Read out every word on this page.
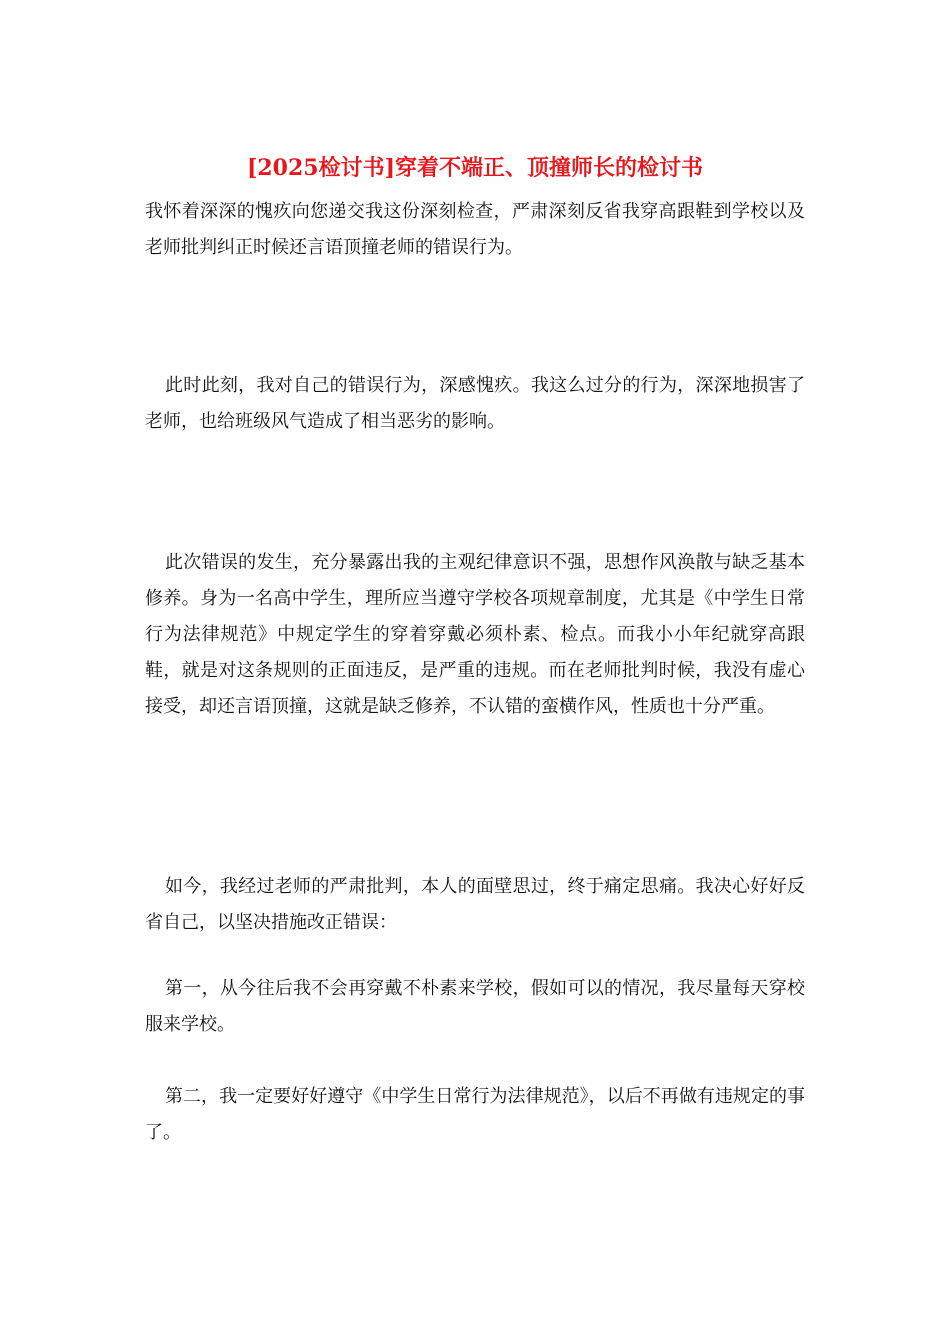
[2025检讨书]穿着不端正、顶撞师长的检讨书

我怀着深深的愧疚向您递交我这份深刻检查，严肃深刻反省我穿高跟鞋到学校以及老师批判纠正时候还言语顶撞老师的错误行为。

此时此刻，我对自己的错误行为，深感愧疚。我这么过分的行为，深深地损害了老师，也给班级风气造成了相当恶劣的影响。

此次错误的发生，充分暴露出我的主观纪律意识不强，思想作风涣散与缺乏基本修养。身为一名高中学生，理所应当遵守学校各项规章制度，尤其是《中学生日常行为法律规范》中规定学生的穿着穿戴必须朴素、检点。而我小小年纪就穿高跟鞋，就是对这条规则的正面违反，是严重的违规。而在老师批判时候，我没有虚心接受，却还言语顶撞，这就是缺乏修养，不认错的蛮横作风，性质也十分严重。

如今，我经过老师的严肃批判，本人的面壁思过，终于痛定思痛。我决心好好反省自己，以坚决措施改正错误：

第一，从今往后我不会再穿戴不朴素来学校，假如可以的情况，我尽量每天穿校服来学校。

第二，我一定要好好遵守《中学生日常行为法律规范》，以后不再做有违规定的事了。
